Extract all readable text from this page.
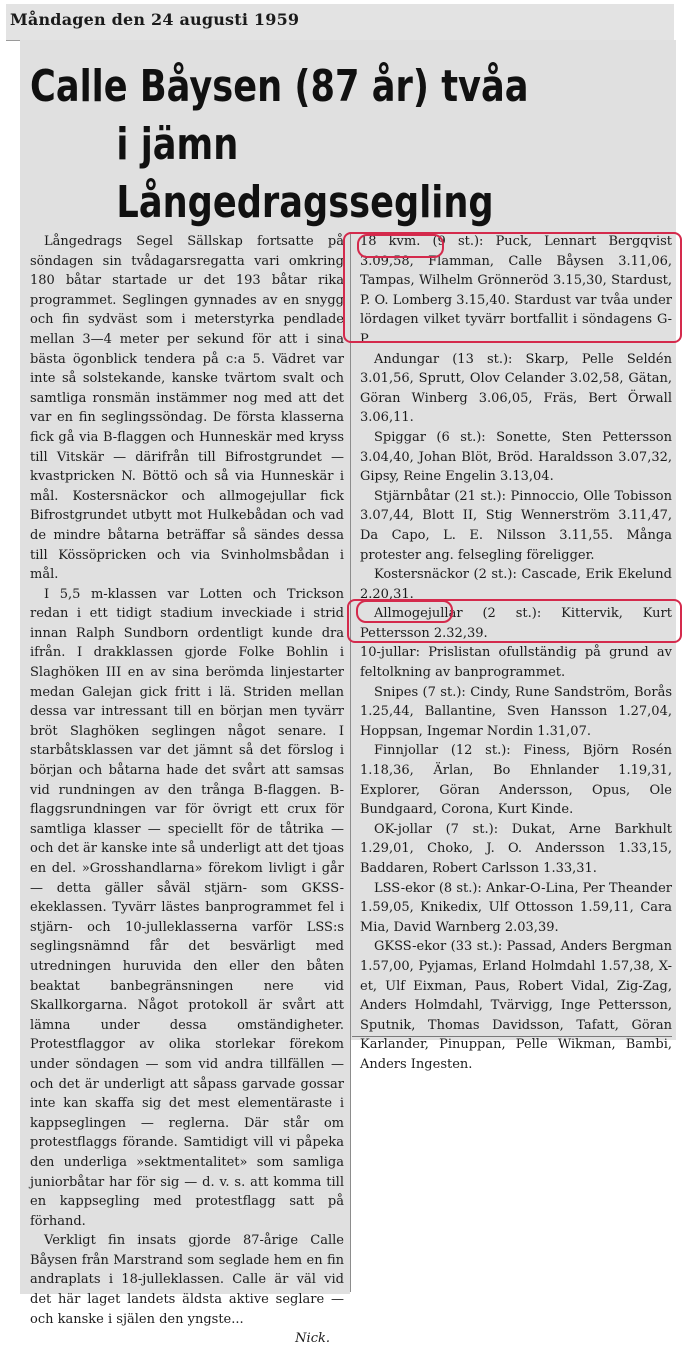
Måndagen den 24 augusti 1959
Calle Båysen (87 år) tvåa
i jämn Långedragssegling

Långedrags Segel Sällskap fortsatte på söndagen sin tvådagarsregatta vari omkring 180 båtar startade ur det 193 båtar rika programmet. Seglingen gynnades av en snygg och fin sydväst som i meterstyrka pendlade mellan 3—4 meter per sekund för att i sina bästa ögonblick tendera på c:a 5. Vädret var inte så solstekande, kanske tvärtom svalt och samtliga ronsmän instämmer nog med att det var en fin seglingssöndag. De första klasserna fick gå via B-flaggen och Hunneskär med kryss till Vitskär — därifrån till Bifrostgrundet — kvastpricken N. Böttö och så via Hunneskär i mål. Kostersnäckor och allmogejullar fick Bifrostgrundet utbytt mot Hulkebådan och vad de mindre båtarna beträffar så sändes dessa till Kössöpricken och via Svinholmsbådan i mål.

I 5,5 m-klassen var Lotten och Trickson redan i ett tidigt stadium inveckiade i strid innan Ralph Sundborn ordentligt kunde dra ifrån. I drakklassen gjorde Folke Bohlin i Slaghöken III en av sina berömda linjestarter medan Galejan gick fritt i lä. Striden mellan dessa var intressant till en början men tyvärr bröt Slaghöken seglingen något senare. I starbåtsklassen var det jämnt så det förslog i början och båtarna hade det svårt att samsas vid rundningen av den trånga B-flaggen. B-flaggsrundningen var för övrigt ett crux för samtliga klasser — speciellt för de tåtrika — och det är kanske inte så underligt att det tjoas en del. »Grosshandlarna» förekom livligt i går — detta gäller såväl stjärn- som GKSS-ekeklassen. Tyvärr lästes banprogrammet fel i stjärn- och 10-julleklasserna varför LSS:s seglingsnämnd får det besvärligt med utredningen huruvida den eller den båten beaktat banbegränsningen nere vid Skallkorgarna. Något protokoll är svårt att lämna under dessa omständigheter. Protestflaggor av olika storlekar förekom under söndagen — som vid andra tillfällen — och det är underligt att såpass garvade gossar inte kan skaffa sig det mest elementäraste i kappseglingen — reglerna. Där står om protestflaggs förande. Samtidigt vill vi påpeka den underliga »sektmentalitet» som samliga juniorbåtar har för sig — d. v. s. att komma till en kappsegling med protestflagg satt på förhand.

Verkligt fin insats gjorde 87-årige Calle Båysen från Marstrand som seglade hem en fin andraplats i 18-julleklassen. Calle är väl vid det här laget landets äldsta aktive seglare — och kanske i själen den yngste...

Nick.

18 kvm. (9 st.): Puck, Lennart Bergqvist 3.09,58, Flamman, Calle Båysen 3.11,06, Tampas, Wilhelm Grönneröd 3.15,30, Stardust, P. O. Lomberg 3.15,40. Stardust var tvåa under lördagen vilket tyvärr bortfallit i söndagens G-P.

Andungar (13 st.): Skarp, Pelle Seldén 3.01,56, Sprutt, Olov Celander 3.02,58, Gätan, Göran Winberg 3.06,05, Fräs, Bert Örwall 3.06,11.

Spiggar (6 st.): Sonette, Sten Pettersson 3.04,40, Johan Blöt, Bröd. Haraldsson 3.07,32, Gipsy, Reine Engelin 3.13,04.

Stjärnbåtar (21 st.): Pinnoccio, Olle Tobisson 3.07,44, Blott II, Stig Wennerström 3.11,47, Da Capo, L. E. Nilsson 3.11,55. Många protester ang. felsegling föreligger.

Kostersnäckor (2 st.): Cascade, Erik Ekelund 2.20,31.

Allmogejullar (2 st.): Kittervik, Kurt Pettersson 2.32,39.

10-jullar: Prislistan ofullständig på grund av feltolkning av banprogrammet.

Snipes (7 st.): Cindy, Rune Sandström, Borås 1.25,44, Ballantine, Sven Hansson 1.27,04, Hoppsan, Ingemar Nordin 1.31,07.

Finnjollar (12 st.): Finess, Björn Rosén 1.18,36, Ärlan, Bo Ehnlander 1.19,31, Explorer, Göran Andersson, Opus, Ole Bundgaard, Corona, Kurt Kinde.

OK-jollar (7 st.): Dukat, Arne Barkhult 1.29,01, Choko, J. O. Andersson 1.33,15, Baddaren, Robert Carlsson 1.33,31.

LSS-ekor (8 st.): Ankar-O-Lina, Per Theander 1.59,05, Knikedix, Ulf Ottosson 1.59,11, Cara Mia, David Warnberg 2.03,39.

GKSS-ekor (33 st.): Passad, Anders Bergman 1.57,00, Pyjamas, Erland Holmdahl 1.57,38, X-et, Ulf Eixman, Paus, Robert Vidal, Zig-Zag, Anders Holmdahl, Tvärvigg, Inge Pettersson, Sputnik, Thomas Davidsson, Tafatt, Göran Karlander, Pinuppan, Pelle Wikman, Bambi, Anders Ingesten.
